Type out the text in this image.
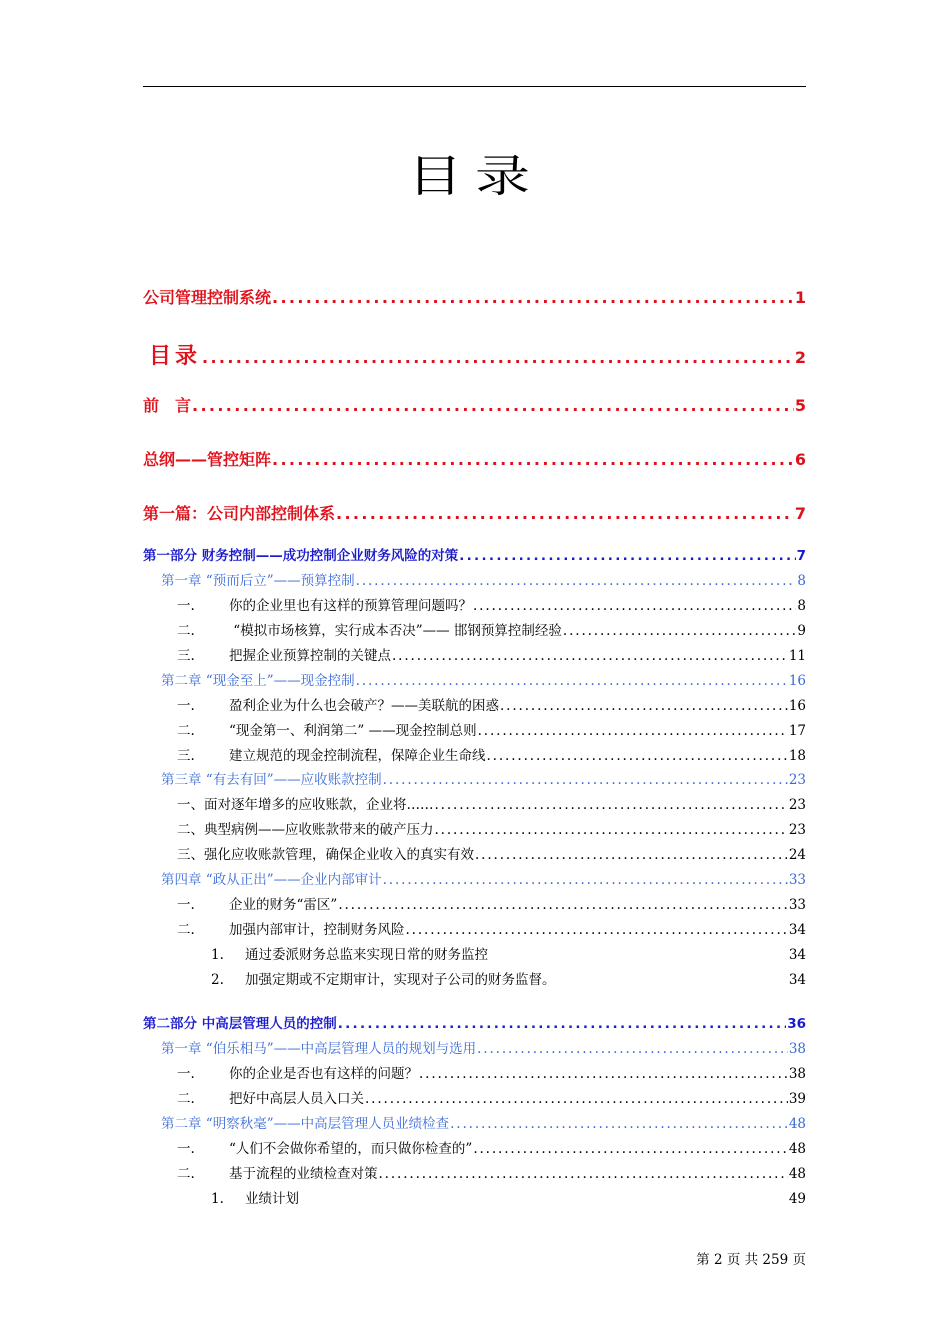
目录
公司管理控制系统 . . .	1
目录 . . .	2
前　言 . . .	5
总纲——管控矩阵 . . .	6
第一篇：公司内部控制体系 . . .	7
第一部分 财务控制——成功控制企业财务风险的对策 . . .	7
第一章 “预而后立”——预算控制 . . .	8
一.	你的企业里也有这样的预算管理问题吗？ . . .	8
二.	“模拟市场核算，实行成本否决”—— 邯钢预算控制经验 . . .	9
三.	把握企业预算控制的关键点 . . .	11
第二章 “现金至上”——现金控制 . . .	16
一.	盈利企业为什么也会破产？——美联航的困惑 . . .	16
二.	“现金第一、利润第二” ——现金控制总则 . . .	17
三.	建立规范的现金控制流程，保障企业生命线 . . .	18
第三章 “有去有回”——应收账款控制 . . .	23
一、面对逐年增多的应收账款，企业将…… . . .	23
二、典型病例——应收账款带来的破产压力 . . .	23
三、强化应收账款管理，确保企业收入的真实有效 . . .	24
第四章 “政从正出”——企业内部审计 . . .	33
一.	企业的财务“雷区” . . .	33
二.	加强内部审计，控制财务风险 . . .	34
1. 通过委派财务总监来实现日常的财务监控	34
2. 加强定期或不定期审计，实现对子公司的财务监督。	34
第二部分 中高层管理人员的控制 . . .	36
第一章 “伯乐相马”——中高层管理人员的规划与选用 . . .	38
一.	你的企业是否也有这样的问题？ . . .	38
二.	把好中高层人员入口关 . . .	39
第二章 “明察秋毫”——中高层管理人员业绩检查 . . .	48
一.	“人们不会做你希望的，而只做你检查的” . . .	48
二.	基于流程的业绩检查对策 . . .	48
1. 业绩计划	49
第 2 页 共 259 页
